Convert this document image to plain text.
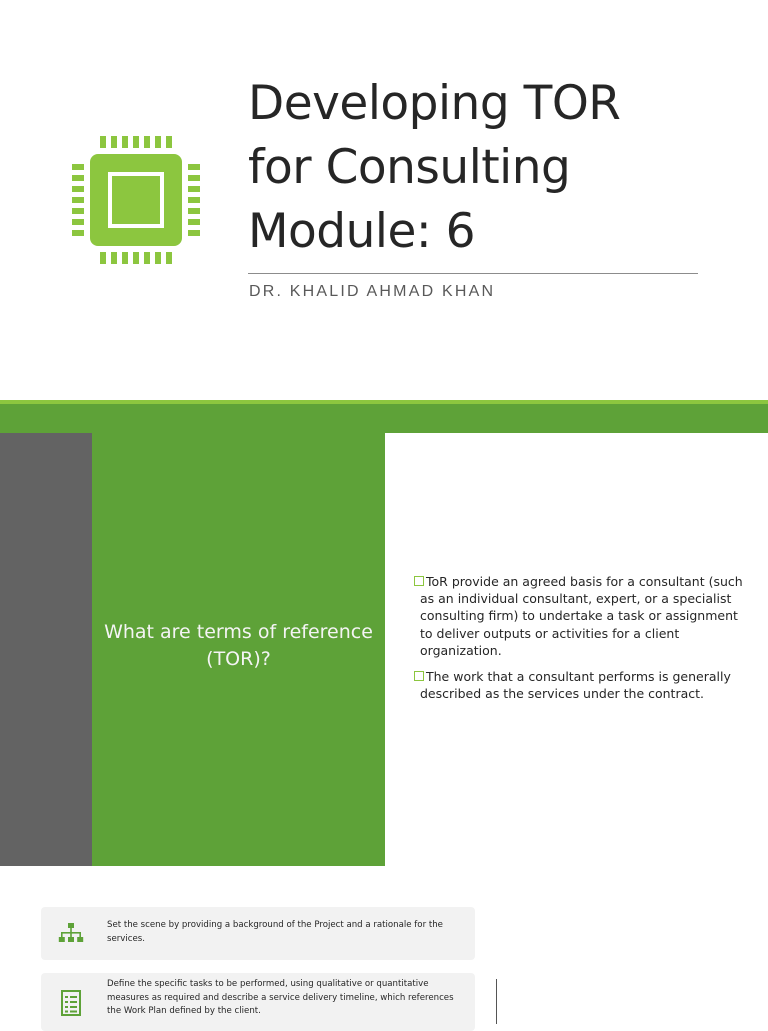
Developing TOR
for Consulting
Module: 6
DR. KHALID AHMAD KHAN
What are terms of reference (TOR)?
ToR provide an agreed basis for a consultant (such as an individual consultant, expert, or a specialist consulting firm) to undertake a task or assignment to deliver outputs or activities for a client organization.
The work that a consultant performs is generally described as the services under the contract.
Set the scene by providing a background of the Project and a rationale for the services.
Define the specific tasks to be performed, using qualitative or quantitative measures as required and describe a service delivery timeline, which references the Work Plan defined by the client.
